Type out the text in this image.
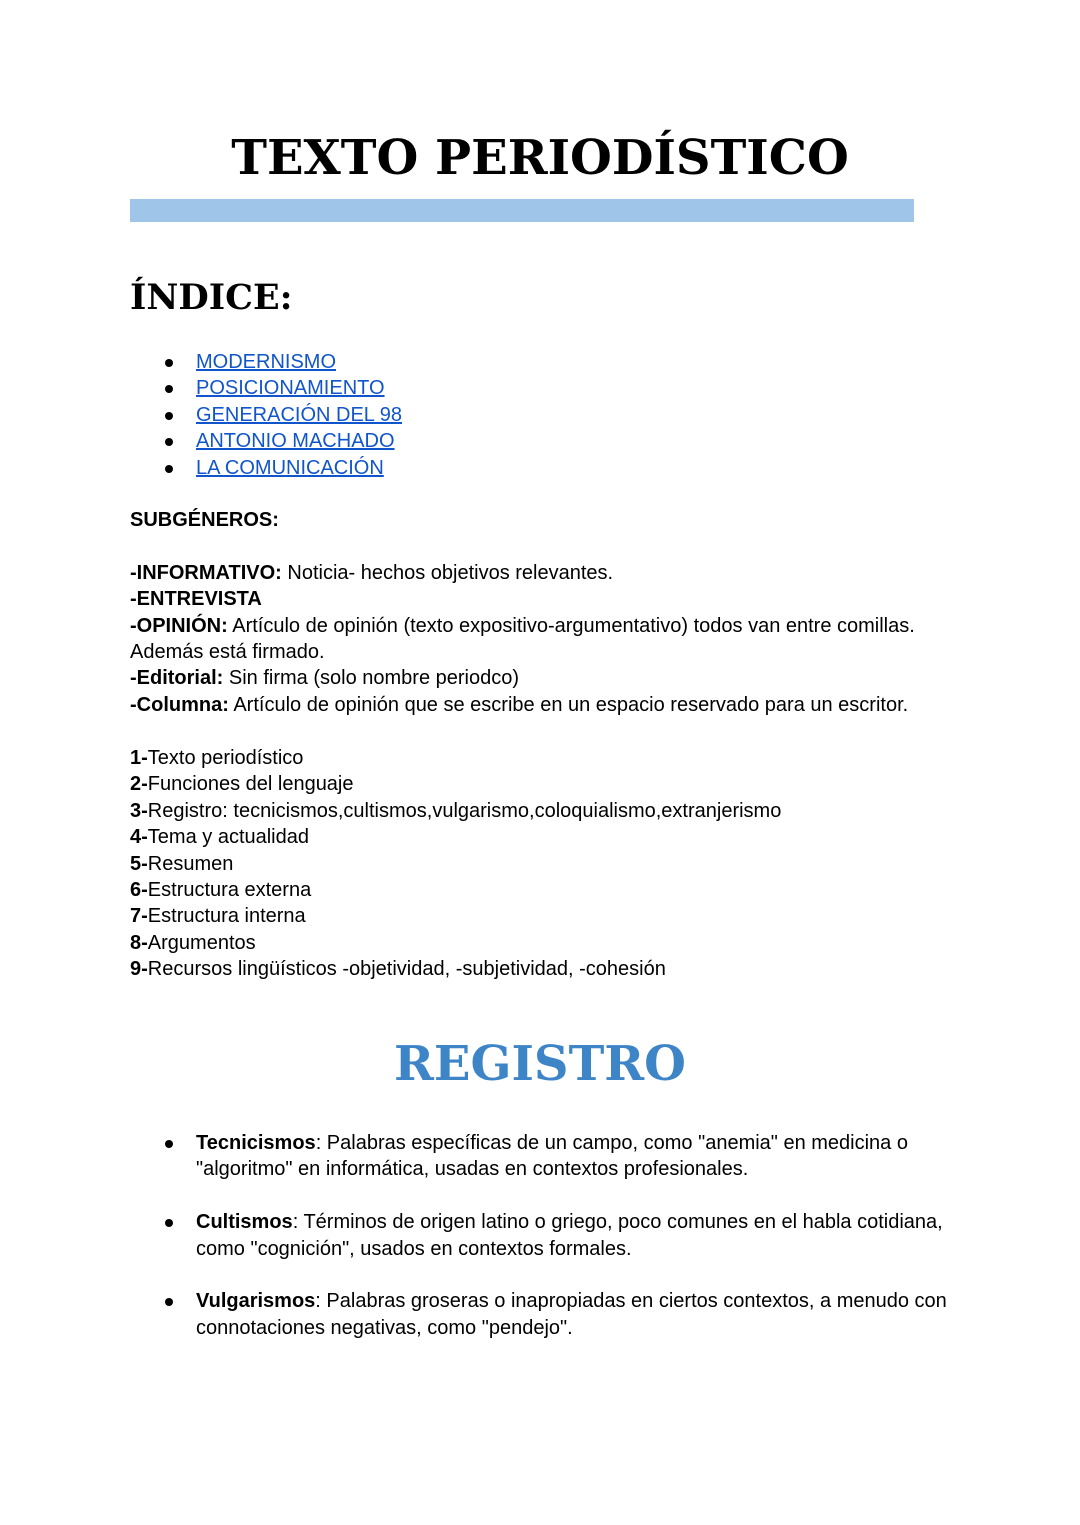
TEXTO PERIODÍSTICO
ÍNDICE:
MODERNISMO
POSICIONAMIENTO
GENERACIÓN DEL 98
ANTONIO MACHADO
LA COMUNICACIÓN

SUBGÉNEROS:

-INFORMATIVO: Noticia- hechos objetivos relevantes.

-ENTREVISTA

-OPINIÓN: Artículo de opinión (texto expositivo-argumentativo) todos van entre comillas. Además está firmado.

-Editorial: Sin firma (solo nombre periodco)

-Columna: Artículo de opinión que se escribe en un espacio reservado para un escritor.

1-Texto periodístico

2-Funciones del lenguaje

3-Registro: tecnicismos,cultismos,vulgarismo,coloquialismo,extranjerismo

4-Tema y actualidad

5-Resumen

6-Estructura externa

7-Estructura interna

8-Argumentos

9-Recursos lingüísticos -objetividad, -subjetividad, -cohesión

REGISTRO
Tecnicismos: Palabras específicas de un campo, como "anemia" en medicina o "algoritmo" en informática, usadas en contextos profesionales.
Cultismos: Términos de origen latino o griego, poco comunes en el habla cotidiana, como "cognición", usados en contextos formales.
Vulgarismos: Palabras groseras o inapropiadas en ciertos contextos, a menudo con connotaciones negativas, como "pendejo".
